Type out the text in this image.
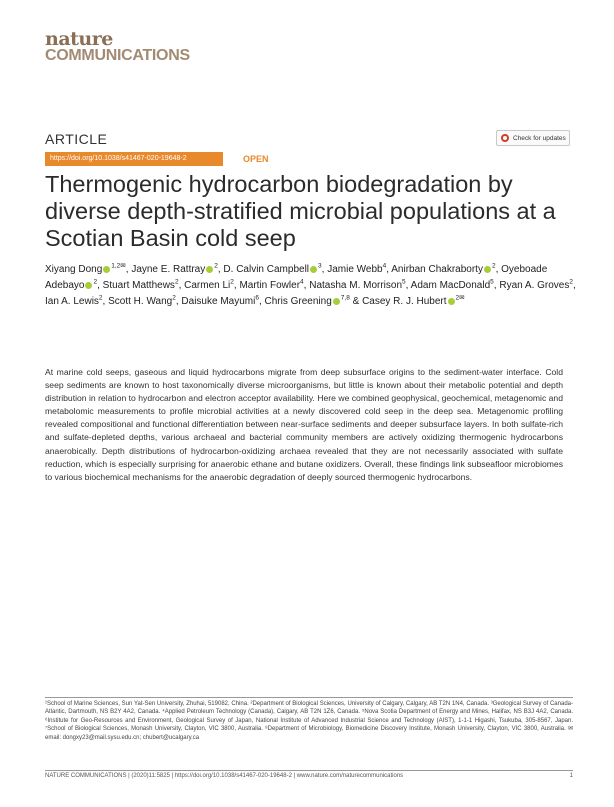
nature
COMMUNICATIONS
ARTICLE	Check for updates
https://doi.org/10.1038/s41467-020-19648-2	OPEN
Thermogenic hydrocarbon biodegradation by diverse depth-stratified microbial populations at a Scotian Basin cold seep
Xiyang Dong $^{1,2✉}$, Jayne E. Rattray $^2$, D. Calvin Campbell $^3$, Jamie Webb$^4$, Anirban Chakraborty $^2$, Oyeboade Adebayo $^2$, Stuart Matthews$^2$, Carmen Li$^2$, Martin Fowler$^4$, Natasha M. Morrison$^5$, Adam MacDonald$^5$, Ryan A. Groves$^2$, Ian A. Lewis$^2$, Scott H. Wang$^2$, Daisuke Mayumi$^6$, Chris Greening $^{7,8}$ & Casey R. J. Hubert $^{2✉}$
At marine cold seeps, gaseous and liquid hydrocarbons migrate from deep subsurface origins to the sediment-water interface. Cold seep sediments are known to host taxonomically diverse microorganisms, but little is known about their metabolic potential and depth distribution in relation to hydrocarbon and electron acceptor availability. Here we combined geophysical, geochemical, metagenomic and metabolomic measurements to profile microbial activities at a newly discovered cold seep in the deep sea. Metagenomic profiling revealed compositional and functional differentiation between near-surface sediments and deeper subsurface layers. In both sulfate-rich and sulfate-depleted depths, various archaeal and bacterial community members are actively oxidizing thermogenic hydrocarbons anaerobically. Depth distributions of hydrocarbon-oxidizing archaea revealed that they are not necessarily associated with sulfate reduction, which is especially surprising for anaerobic ethane and butane oxidizers. Overall, these findings link subseafloor microbiomes to various biochemical mechanisms for the anaerobic degradation of deeply sourced thermogenic hydrocarbons.
¹School of Marine Sciences, Sun Yat-Sen University, Zhuhai, 519082, China. ²Department of Biological Sciences, University of Calgary, Calgary, AB T2N 1N4, Canada. ³Geological Survey of Canada-Atlantic, Dartmouth, NS B2Y 4A2, Canada. ⁴Applied Petroleum Technology (Canada), Calgary, AB T2N 1Z6, Canada. ⁵Nova Scotia Department of Energy and Mines, Halifax, NS B3J 4A2, Canada. ⁶Institute for Geo-Resources and Environment, Geological Survey of Japan, National Institute of Advanced Industrial Science and Technology (AIST), 1-1-1 Higashi, Tsukuba, 305-8567, Japan. ⁷School of Biological Sciences, Monash University, Clayton, VIC 3800, Australia. ⁸Department of Microbiology, Biomedicine Discovery Institute, Monash University, Clayton, VIC 3800, Australia. ✉email: dongxy23@mail.sysu.edu.cn; chubert@ucalgary.ca
NATURE COMMUNICATIONS | (2020)11:5825 | https://doi.org/10.1038/s41467-020-19648-2 | www.nature.com/naturecommunications	1
